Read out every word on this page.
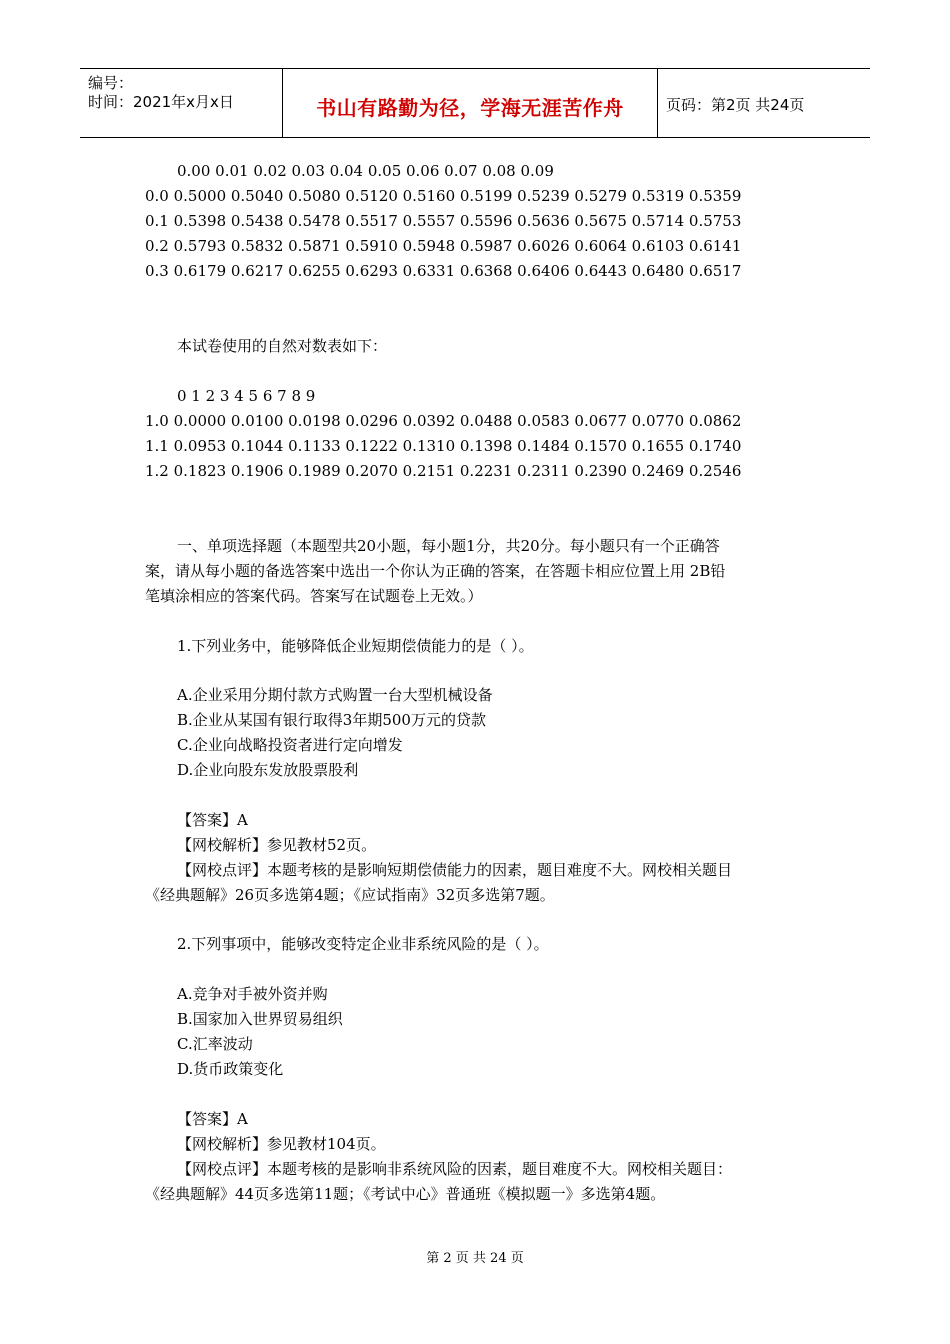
编号：
时间：2021年x月x日	书山有路勤为径，学海无涯苦作舟	页码：第2页 共24页
0.00 0.01 0.02 0.03 0.04 0.05 0.06 0.07 0.08 0.09
0.0 0.5000 0.5040 0.5080 0.5120 0.5160 0.5199 0.5239 0.5279 0.5319 0.5359
0.1 0.5398 0.5438 0.5478 0.5517 0.5557 0.5596 0.5636 0.5675 0.5714 0.5753
0.2 0.5793 0.5832 0.5871 0.5910 0.5948 0.5987 0.6026 0.6064 0.6103 0.6141
0.3 0.6179 0.6217 0.6255 0.6293 0.6331 0.6368 0.6406 0.6443 0.6480 0.6517
本试卷使用的自然对数表如下：
0 1 2 3 4 5 6 7 8 9
1.0 0.0000 0.0100 0.0198 0.0296 0.0392 0.0488 0.0583 0.0677 0.0770 0.0862
1.1 0.0953 0.1044 0.1133 0.1222 0.1310 0.1398 0.1484 0.1570 0.1655 0.1740
1.2 0.1823 0.1906 0.1989 0.2070 0.2151 0.2231 0.2311 0.2390 0.2469 0.2546
一、单项选择题（本题型共20小题，每小题1分，共20分。每小题只有一个正确答
案，请从每小题的备选答案中选出一个你认为正确的答案，在答题卡相应位置上用 2B铅
笔填涂相应的答案代码。答案写在试题卷上无效。）
1.下列业务中，能够降低企业短期偿债能力的是（ ）。
A.企业采用分期付款方式购置一台大型机械设备
B.企业从某国有银行取得3年期500万元的贷款
C.企业向战略投资者进行定向增发
D.企业向股东发放股票股利
【答案】A
【网校解析】参见教材52页。
【网校点评】本题考核的是影响短期偿债能力的因素，题目难度不大。网校相关题目
《经典题解》26页多选第4题；《应试指南》32页多选第7题。
2.下列事项中，能够改变特定企业非系统风险的是（ ）。
A.竞争对手被外资并购
B.国家加入世界贸易组织
C.汇率波动
D.货币政策变化
【答案】A
【网校解析】参见教材104页。
【网校点评】本题考核的是影响非系统风险的因素，题目难度不大。网校相关题目：
《经典题解》44页多选第11题；《考试中心》普通班《模拟题一》多选第4题。
第 2 页 共 24 页
